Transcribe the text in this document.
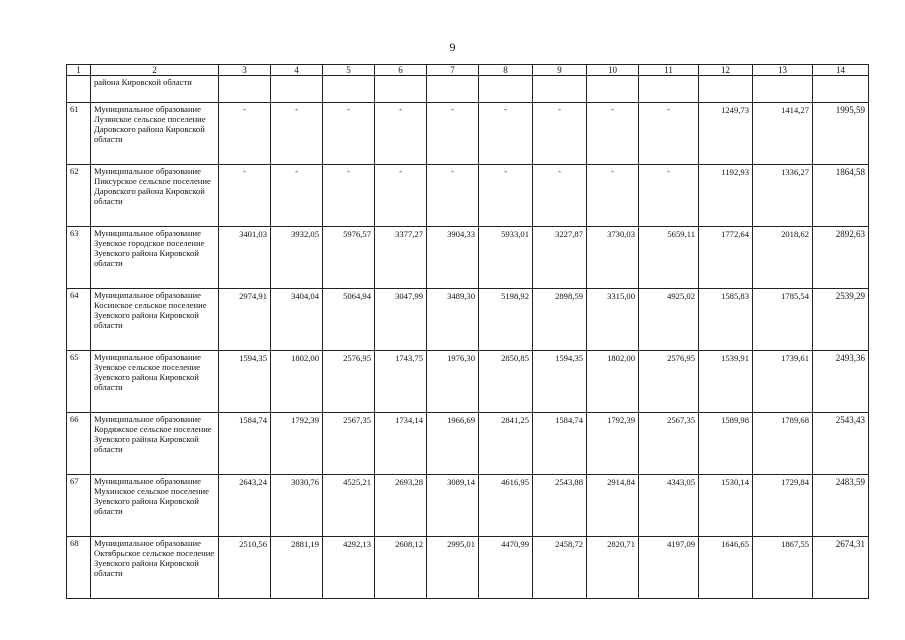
9
1	2	3	4	5	6	7	8	9	10	11	12	13	14
	района Кировской области												
61	Муниципальное образование Лузянское сельское поселение Даровского района Кировской области	-	-	-	-	-	-	-	-	-	1249,73	1414,27	1995,59
62	Муниципальное образование Пиксурское сельское поселение Даровского района Кировской области	-	-	-	-	-	-	-	-	-	1192,93	1336,27	1864,58
63	Муниципальное образование Зуевское городское поселение Зуевского района Кировской области	3401,03	3932,05	5976,57	3377,27	3904,33	5933,01	3227,87	3730,03	5659,11	1772,64	2018,62	2892,63
64	Муниципальное образование Косинское сельское поселение Зуевского района Кировской области	2974,91	3404,04	5064,94	3047,99	3489,30	5198,92	2898,59	3315,00	4925,02	1585,83	1785,54	2539,29
65	Муниципальное образование Зуевское сельское поселение Зуевского района Кировской области	1594,35	1802,00	2576,95	1743,75	1976,30	2850,85	1594,35	1802,00	2576,95	1539,91	1739,61	2493,36
66	Муниципальное образование Кордяжское сельское поселение Зуевского района Кировской области	1584,74	1792,39	2567,35	1734,14	1966,69	2841,25	1584,74	1792,39	2567,35	1589,98	1789,68	2543,43
67	Муниципальное образование Мухинское сельское поселение Зуевского района Кировской области	2643,24	3030,76	4525,21	2693,28	3089,14	4616,95	2543,88	2914,84	4343,05	1530,14	1729,84	2483,59
68	Муниципальное образование Октябрьское сельское поселение Зуевского района Кировской области	2510,56	2881,19	4292,13	2608,12	2995,01	4470,99	2458,72	2820,71	4197,09	1646,65	1867,55	2674,31
